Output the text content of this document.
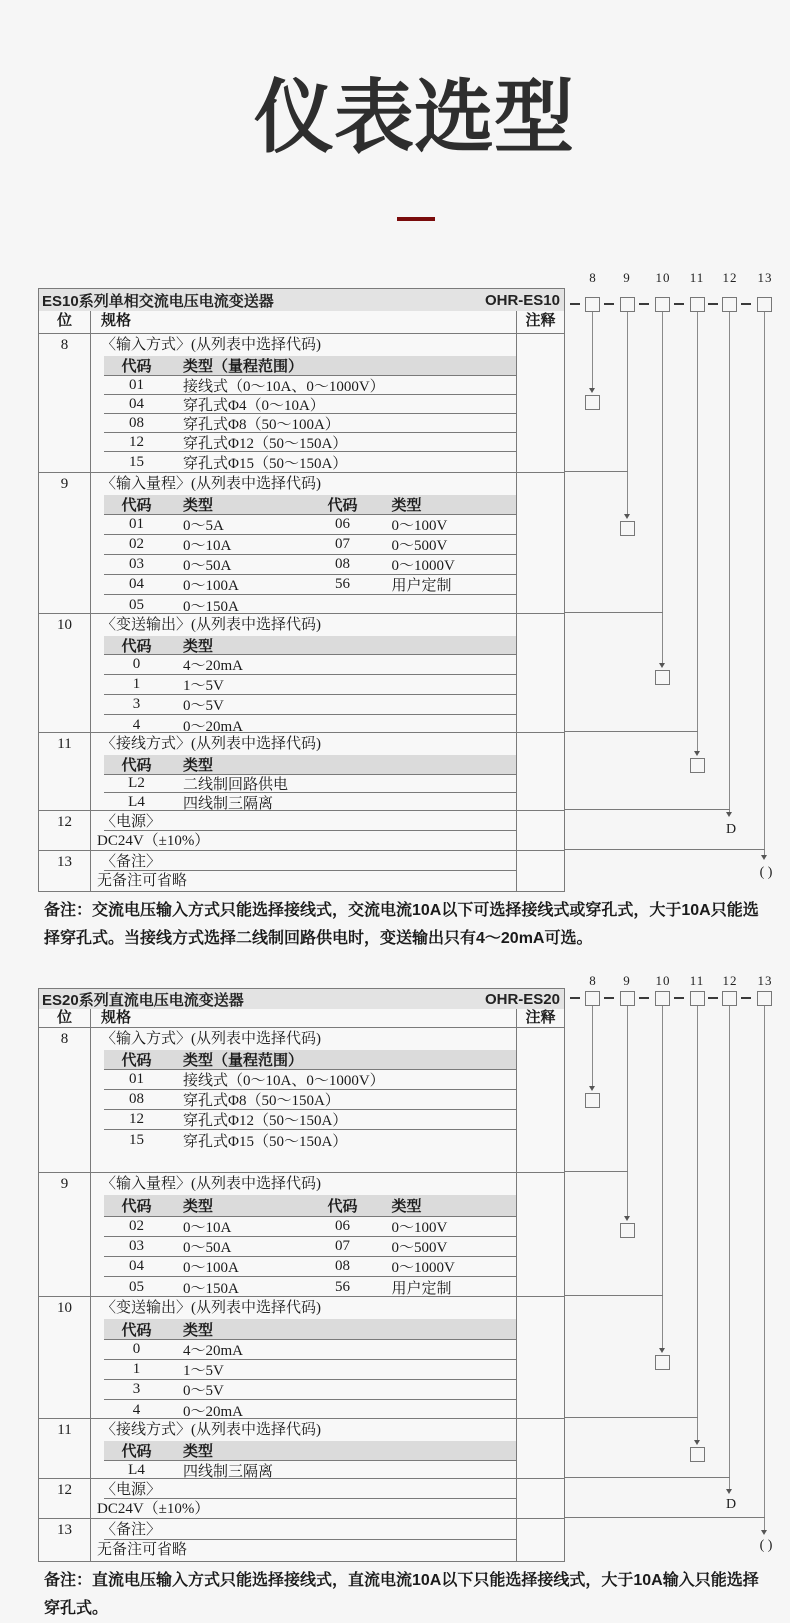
仪表选型
ES10系列单相交流电压电流变送器	OHR-ES10
位	规格	注释
8	〈输入方式〉(从列表中选择代码)
代码	类型（量程范围）
01	接线式（0～10A、0～1000V）
04	穿孔式Φ4（0～10A）
08	穿孔式Φ8（50～100A）
12	穿孔式Φ12（50～150A）
15	穿孔式Φ15（50～150A）
9	〈输入量程〉(从列表中选择代码)
代码	类型	代码	类型
01	0～5A	06	0～100V
02	0～10A	07	0～500V
03	0～50A	08	0～1000V
04	0～100A	56	用户定制
05	0～150A
10	〈变送输出〉(从列表中选择代码)
代码	类型
0	4～20mA
1	1～5V
3	0～5V
4	0～20mA
11	〈接线方式〉(从列表中选择代码)
代码	类型
L2	二线制回路供电
L4	四线制三隔离
12	〈电源〉
DC24V（±10%）
13	〈备注〉
无备注可省略
8	9	10	11	12	13
D
( )
备注：交流电压输入方式只能选择接线式，交流电流10A以下可选择接线式或穿孔式，大于10A只能选择穿孔式。当接线方式选择二线制回路供电时，变送输出只有4～20mA可选。
ES20系列直流电压电流变送器	OHR-ES20
位	规格	注释
8	〈输入方式〉(从列表中选择代码)
代码	类型（量程范围）
01	接线式（0～10A、0～1000V）
08	穿孔式Φ8（50～150A）
12	穿孔式Φ12（50～150A）
15	穿孔式Φ15（50～150A）
9	〈输入量程〉(从列表中选择代码)
代码	类型	代码	类型
02	0～10A	06	0～100V
03	0～50A	07	0～500V
04	0～100A	08	0～1000V
05	0～150A	56	用户定制
10	〈变送输出〉(从列表中选择代码)
代码	类型
0	4～20mA
1	1～5V
3	0～5V
4	0～20mA
11	〈接线方式〉(从列表中选择代码)
代码	类型
L4	四线制三隔离
12	〈电源〉
DC24V（±10%）
13	〈备注〉
无备注可省略
8	9	10	11	12	13
D
( )
备注：直流电压输入方式只能选择接线式，直流电流10A以下只能选择接线式，大于10A输入只能选择穿孔式。
